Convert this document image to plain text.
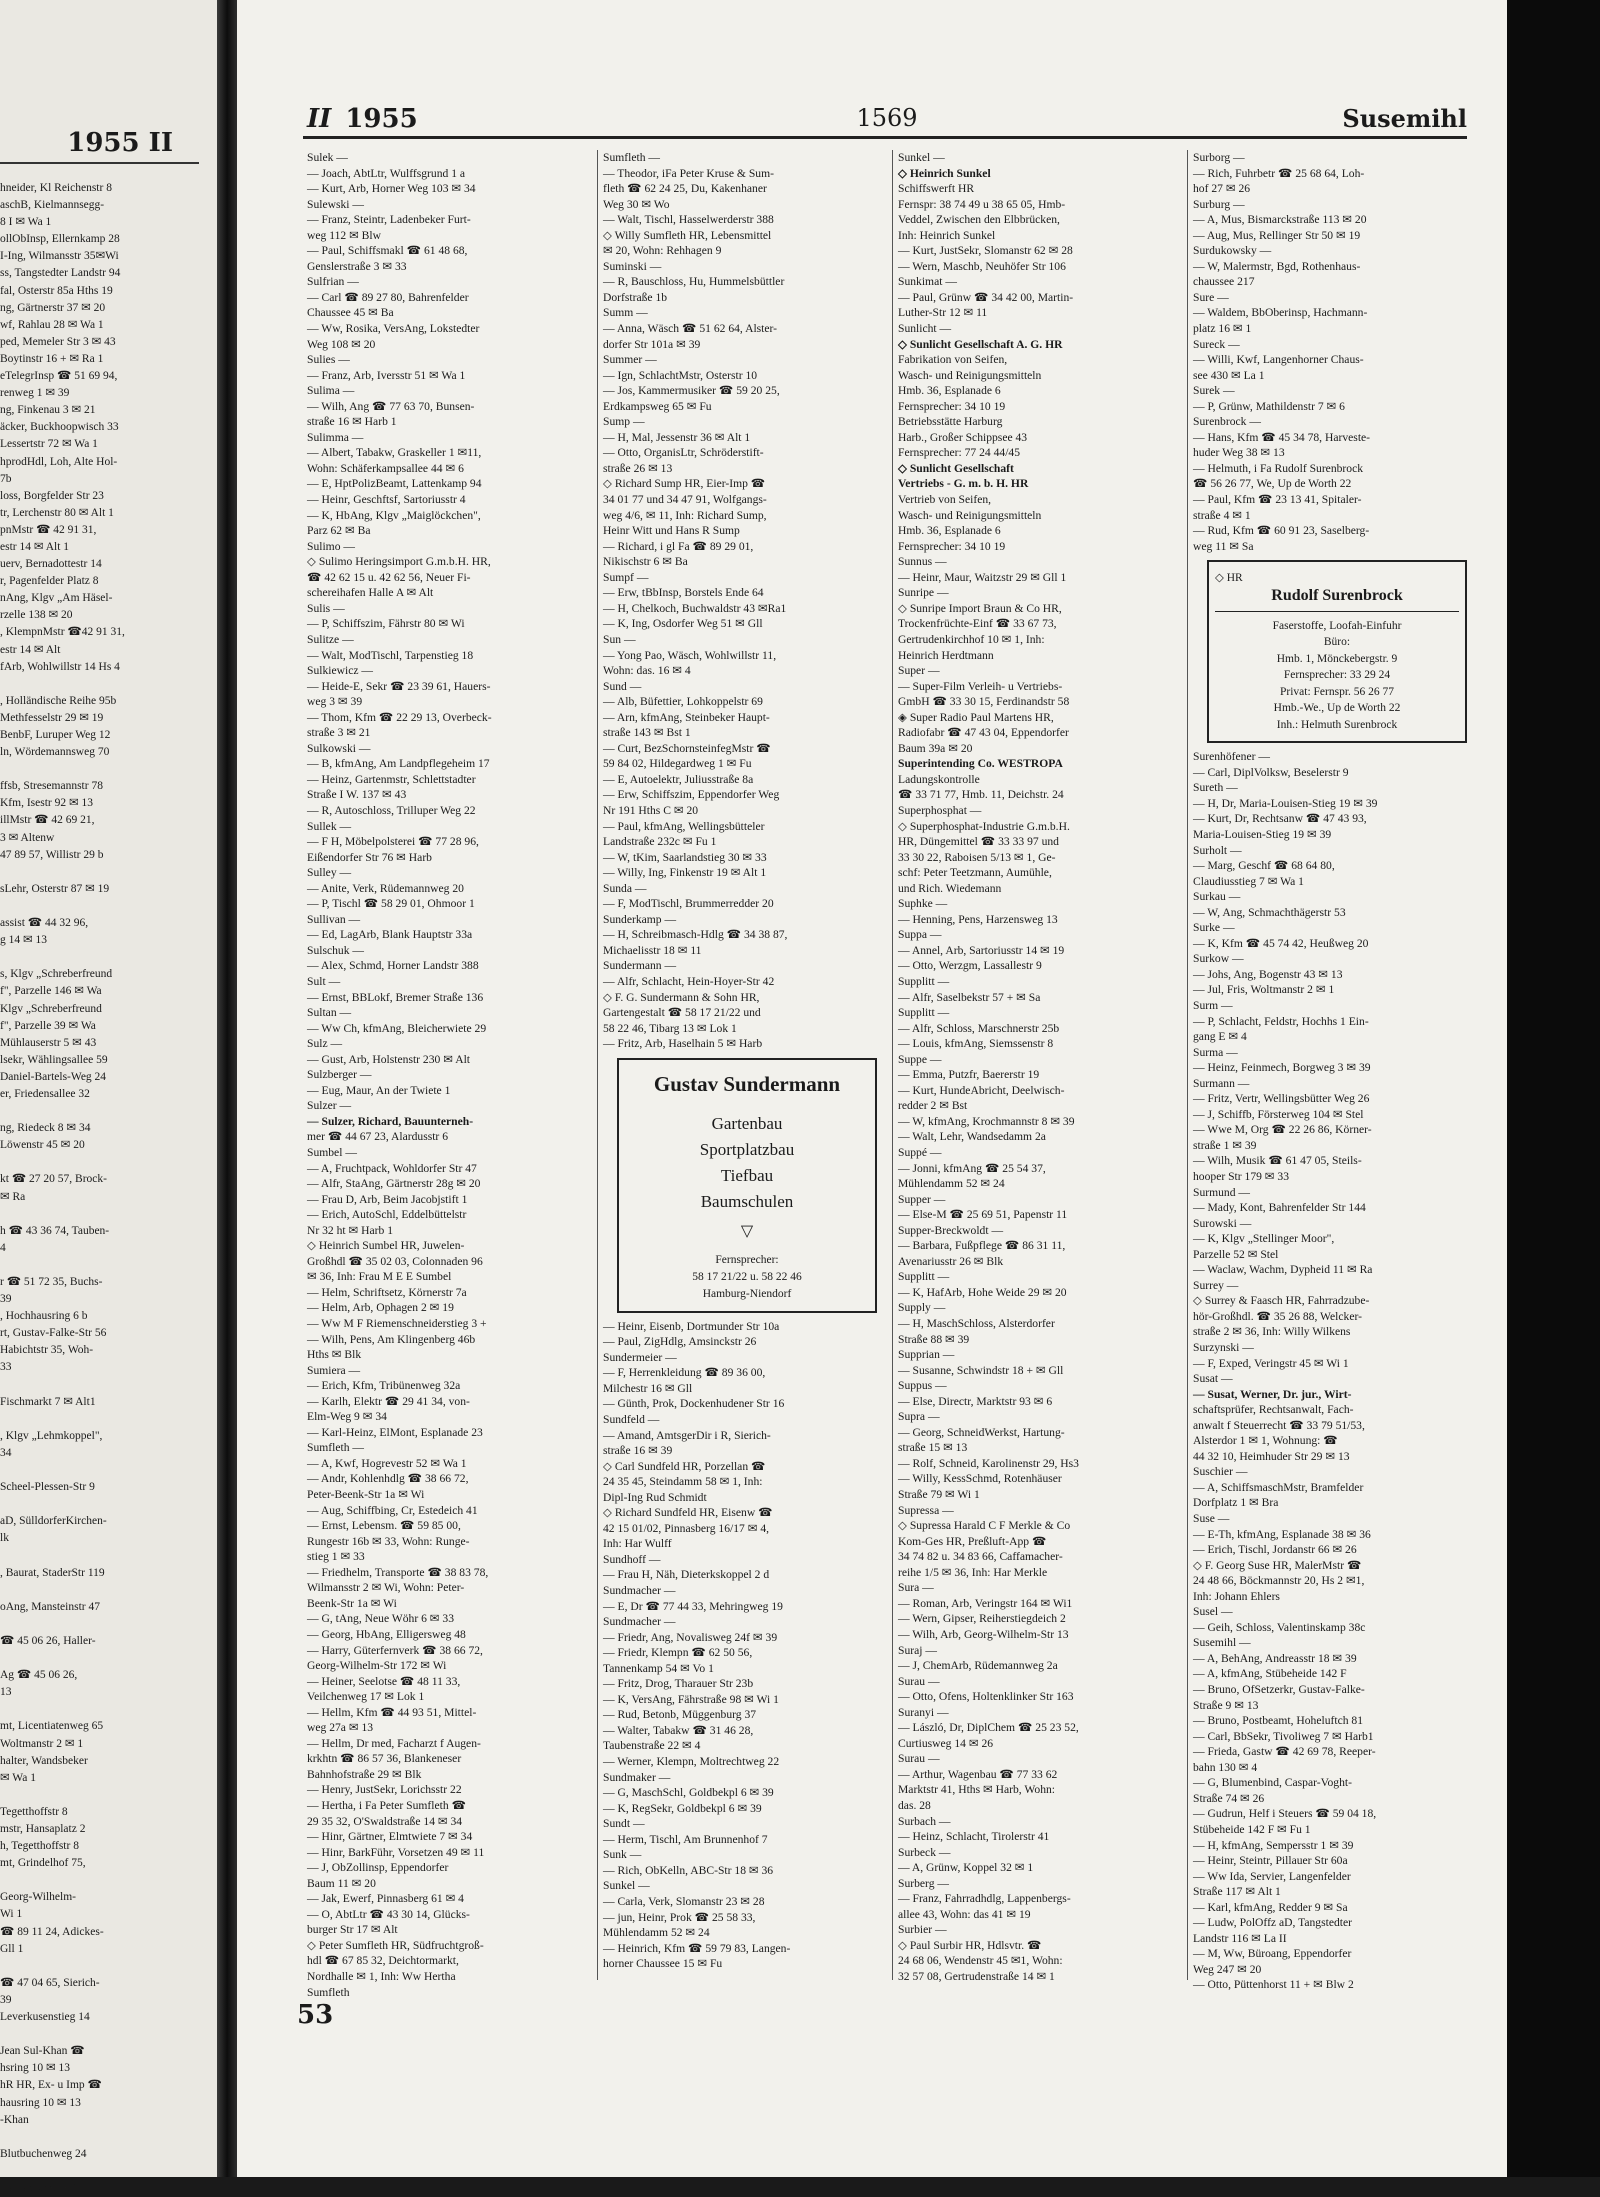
1955 II
hneider, Kl Reichenstr 8
aschB, Kielmannsegg-
8 I ✉ Wa 1
ollObInsp, Ellernkamp 28
I-Ing, Wilmansstr 35✉Wi
ss, Tangstedter Landstr 94
fal, Osterstr 85a Hths 19
ng, Gärtnerstr 37 ✉ 20
wf, Rahlau 28 ✉ Wa 1
ped, Memeler Str 3 ✉ 43
Boytinstr 16 + ✉ Ra 1
eTelegrInsp ☎ 51 69 94,
renweg 1 ✉ 39
ng, Finkenau 3 ✉ 21
äcker, Buckhoopwisch 33
Lessertstr 72 ✉ Wa 1
hprodHdl, Loh, Alte Hol-
7b
loss, Borgfelder Str 23
tr, Lerchenstr 80 ✉ Alt 1
pnMstr ☎ 42 91 31,
estr 14 ✉ Alt 1
uerv, Bernadottestr 14
r, Pagenfelder Platz 8
nAng, Klgv „Am Häsel-
rzelle 138 ✉ 20
, KlempnMstr ☎42 91 31,
estr 14 ✉ Alt
fArb, Wohlwillstr 14 Hs 4
, Holländische Reihe 95b
Methfesselstr 29 ✉ 19
BenbF, Luruper Weg 12
ln, Wördemannsweg 70
ffsb, Stresemannstr 78
Kfm, Isestr 92 ✉ 13
illMstr ☎ 42 69 21,
3 ✉ Altenw
47 89 57, Willistr 29 b
sLehr, Osterstr 87 ✉ 19
assist ☎ 44 32 96,
g 14 ✉ 13
s, Klgv „Schreberfreund
f", Parzelle 146 ✉ Wa
Klgv „Schreberfreund
f", Parzelle 39 ✉ Wa
Mühlauserstr 5 ✉ 43
lsekr, Wählingsallee 59
Daniel-Bartels-Weg 24
er, Friedensallee 32
ng, Riedeck 8 ✉ 34
Löwenstr 45 ✉ 20
kt ☎ 27 20 57, Brock-
✉ Ra
h ☎ 43 36 74, Tauben-
4
r ☎ 51 72 35, Buchs-
39
, Hochhausring 6 b
rt, Gustav-Falke-Str 56
Habichtstr 35, Woh-
33
Fischmarkt 7 ✉ Alt1
, Klgv „Lehmkoppel",
34
Scheel-Plessen-Str 9
aD, SülldorferKirchen-
lk
, Baurat, StaderStr 119
oAng, Mansteinstr 47
☎ 45 06 26, Haller-
Ag ☎ 45 06 26,
13
mt, Licentiatenweg 65
Woltmanstr 2 ✉ 1
halter, Wandsbeker
✉ Wa 1
Tegetthoffstr 8
mstr, Hansaplatz 2
h, Tegetthoffstr 8
mt, Grindelhof 75,
Georg-Wilhelm-
Wi 1
☎ 89 11 24, Adickes-
Gll 1
☎ 47 04 65, Sierich-
39
Leverkusenstieg 14
Jean Sul-Khan ☎
hsring 10 ✉ 13
hR HR, Ex- u Imp ☎
hausring 10 ✉ 13
-Khan
Blutbuchenweg 24
ffamacherreihe 88
II 1955	1569	Susemihl
Sulek —
— Joach, AbtLtr, Wulffsgrund 1 a
— Kurt, Arb, Horner Weg 103 ✉ 34
Sulewski —
— Franz, Steintr, Ladenbeker Furt-
weg 112 ✉ Blw
— Paul, Schiffsmakl ☎ 61 48 68,
Genslerstraße 3 ✉ 33
Sulfrian —
— Carl ☎ 89 27 80, Bahrenfelder
Chaussee 45 ✉ Ba
— Ww, Rosika, VersAng, Lokstedter
Weg 108 ✉ 20
Sulies —
— Franz, Arb, Iversstr 51 ✉ Wa 1
Sulima —
— Wilh, Ang ☎ 77 63 70, Bunsen-
straße 16 ✉ Harb 1
Sulimma —
— Albert, Tabakw, Graskeller 1 ✉11,
Wohn: Schäferkampsallee 44 ✉ 6
— E, HptPolizBeamt, Lattenkamp 94
— Heinr, Geschftsf, Sartoriusstr 4
— K, HbAng, Klgv „Maiglöckchen",
Parz 62 ✉ Ba
Sulimo —
◇ Sulimo Heringsimport G.m.b.H. HR,
☎ 42 62 15 u. 42 62 56, Neuer Fi-
schereihafen Halle A ✉ Alt
Sulis —
— P, Schiffszim, Fährstr 80 ✉ Wi
Sulitze —
— Walt, ModTischl, Tarpenstieg 18
Sulkiewicz —
— Heide-E, Sekr ☎ 23 39 61, Hauers-
weg 3 ✉ 39
— Thom, Kfm ☎ 22 29 13, Overbeck-
straße 3 ✉ 21
Sulkowski —
— B, kfmAng, Am Landpflegeheim 17
— Heinz, Gartenmstr, Schlettstadter
Straße I W. 137 ✉ 43
— R, Autoschloss, Trilluper Weg 22
Sullek —
— F H, Möbelpolsterei ☎ 77 28 96,
Eißendorfer Str 76 ✉ Harb
Sulley —
— Anite, Verk, Rüdemannweg 20
— P, Tischl ☎ 58 29 01, Ohmoor 1
Sullivan —
— Ed, LagArb, Blank Hauptstr 33a
Sulschuk —
— Alex, Schmd, Horner Landstr 388
Sult —
— Ernst, BBLokf, Bremer Straße 136
Sultan —
— Ww Ch, kfmAng, Bleicherwiete 29
Sulz —
— Gust, Arb, Holstenstr 230 ✉ Alt
Sulzberger —
— Eug, Maur, An der Twiete 1
Sulzer —
— Sulzer, Richard, Bauunterneh-
mer ☎ 44 67 23, Alardusstr 6
Sumbel —
— A, Fruchtpack, Wohldorfer Str 47
— Alfr, StaAng, Gärtnerstr 28g ✉ 20
— Frau D, Arb, Beim Jacobjstift 1
— Erich, AutoSchl, Eddelbüttelstr
Nr 32 ht ✉ Harb 1
◇ Heinrich Sumbel HR, Juwelen-
Großhdl ☎ 35 02 03, Colonnaden 96
✉ 36, Inh: Frau M E E Sumbel
— Helm, Schriftsetz, Körnerstr 7a
— Helm, Arb, Ophagen 2 ✉ 19
— Ww M F Riemenschneiderstieg 3 +
— Wilh, Pens, Am Klingenberg 46b
Hths ✉ Blk
Sumiera —
— Erich, Kfm, Tribünenweg 32a
— Karlh, Elektr ☎ 29 41 34, von-
Elm-Weg 9 ✉ 34
— Karl-Heinz, ElMont, Esplanade 23
Sumfleth —
— A, Kwf, Hogrevestr 52 ✉ Wa 1
— Andr, Kohlenhdlg ☎ 38 66 72,
Peter-Beenk-Str 1a ✉ Wi
— Aug, Schiffbing, Cr, Estedeich 41
— Ernst, Lebensm. ☎ 59 85 00,
Rungestr 16b ✉ 33, Wohn: Runge-
stieg 1 ✉ 33
— Friedhelm, Transporte ☎ 38 83 78,
Wilmansstr 2 ✉ Wi, Wohn: Peter-
Beenk-Str 1a ✉ Wi
— G, tAng, Neue Wöhr 6 ✉ 33
— Georg, HbAng, Elligersweg 48
— Harry, Güterfernverk ☎ 38 66 72,
Georg-Wilhelm-Str 172 ✉ Wi
— Heiner, Seelotse ☎ 48 11 33,
Veilchenweg 17 ✉ Lok 1
— Hellm, Kfm ☎ 44 93 51, Mittel-
weg 27a ✉ 13
— Hellm, Dr med, Facharzt f Augen-
krkhtn ☎ 86 57 36, Blankeneser
Bahnhofstraße 29 ✉ Blk
— Henry, JustSekr, Lorichsstr 22
— Hertha, i Fa Peter Sumfleth ☎
29 35 32, O'Swaldstraße 14 ✉ 34
— Hinr, Gärtner, Elmtwiete 7 ✉ 34
— Hinr, BarkFühr, Vorsetzen 49 ✉ 11
— J, ObZollinsp, Eppendorfer
Baum 11 ✉ 20
— Jak, Ewerf, Pinnasberg 61 ✉ 4
— O, AbtLtr ☎ 43 30 14, Glücks-
burger Str 17 ✉ Alt
◇ Peter Sumfleth HR, Südfruchtgroß-
hdl ☎ 67 85 32, Deichtormarkt,
Nordhalle ✉ 1, Inh: Ww Hertha
Sumfleth
Sumfleth —
— Theodor, iFa Peter Kruse & Sum-
fleth ☎ 62 24 25, Du, Kakenhaner
Weg 30 ✉ Wo
— Walt, Tischl, Hasselwerderstr 388
◇ Willy Sumfleth HR, Lebensmittel
✉ 20, Wohn: Rehhagen 9
Suminski —
— R, Bauschloss, Hu, Hummelsbüttler
Dorfstraße 1b
Summ —
— Anna, Wäsch ☎ 51 62 64, Alster-
dorfer Str 101a ✉ 39
Summer —
— Ign, SchlachtMstr, Osterstr 10
— Jos, Kammermusiker ☎ 59 20 25,
Erdkampsweg 65 ✉ Fu
Sump —
— H, Mal, Jessenstr 36 ✉ Alt 1
— Otto, OrganisLtr, Schröderstift-
straße 26 ✉ 13
◇ Richard Sump HR, Eier-Imp ☎
34 01 77 und 34 47 91, Wolfgangs-
weg 4/6, ✉ 11, Inh: Richard Sump,
Heinr Witt und Hans R Sump
— Richard, i gl Fa ☎ 89 29 01,
Nikischstr 6 ✉ Ba
Sumpf —
— Erw, tBbInsp, Borstels Ende 64
— H, Chelkoch, Buchwaldstr 43 ✉Ra1
— K, Ing, Osdorfer Weg 51 ✉ Gll
Sun —
— Yong Pao, Wäsch, Wohlwillstr 11,
Wohn: das. 16 ✉ 4
Sund —
— Alb, Büfettier, Lohkoppelstr 69
— Arn, kfmAng, Steinbeker Haupt-
straße 143 ✉ Bst 1
— Curt, BezSchornsteinfegMstr ☎
59 84 02, Hildegardweg 1 ✉ Fu
— E, Autoelektr, Juliusstraße 8a
— Erw, Schiffszim, Eppendorfer Weg
Nr 191 Hths C ✉ 20
— Paul, kfmAng, Wellingsbütteler
Landstraße 232c ✉ Fu 1
— W, tKim, Saarlandstieg 30 ✉ 33
— Willy, Ing, Finkenstr 19 ✉ Alt 1
Sunda —
— F, ModTischl, Brummerredder 20
Sunderkamp —
— H, Schreibmasch-Hdlg ☎ 34 38 87,
Michaelisstr 18 ✉ 11
Sundermann —
— Alfr, Schlacht, Hein-Hoyer-Str 42
◇ F. G. Sundermann & Sohn HR,
Gartengestalt ☎ 58 17 21/22 und
58 22 46, Tibarg 13 ✉ Lok 1
— Fritz, Arb, Haselhain 5 ✉ Harb
Gustav Sundermann
Gartenbau
Sportplatzbau
Tiefbau
Baumschulen
▽
Fernsprecher:
58 17 21/22 u. 58 22 46
Hamburg-Niendorf
— Heinr, Eisenb, Dortmunder Str 10a
— Paul, ZigHdlg, Amsinckstr 26
Sundermeier —
— F, Herrenkleidung ☎ 89 36 00,
Milchestr 16 ✉ Gll
— Günth, Prok, Dockenhudener Str 16
Sundfeld —
— Amand, AmtsgerDir i R, Sierich-
straße 16 ✉ 39
◇ Carl Sundfeld HR, Porzellan ☎
24 35 45, Steindamm 58 ✉ 1, Inh:
Dipl-Ing Rud Schmidt
◇ Richard Sundfeld HR, Eisenw ☎
42 15 01/02, Pinnasberg 16/17 ✉ 4,
Inh: Har Wulff
Sundhoff —
— Frau H, Näh, Dieterkskoppel 2 d
Sundmacher —
— E, Dr ☎ 77 44 33, Mehringweg 19
Sundmacher —
— Friedr, Ang, Novalisweg 24f ✉ 39
— Friedr, Klempn ☎ 62 50 56,
Tannenkamp 54 ✉ Vo 1
— Fritz, Drog, Tharauer Str 23b
— K, VersAng, Fährstraße 98 ✉ Wi 1
— Rud, Betonb, Müggenburg 37
— Walter, Tabakw ☎ 31 46 28,
Taubenstraße 22 ✉ 4
— Werner, Klempn, Moltrechtweg 22
Sundmaker —
— G, MaschSchl, Goldbekpl 6 ✉ 39
— K, RegSekr, Goldbekpl 6 ✉ 39
Sundt —
— Herm, Tischl, Am Brunnenhof 7
Sunk —
— Rich, ObKelln, ABC-Str 18 ✉ 36
Sunkel —
— Carla, Verk, Slomanstr 23 ✉ 28
— jun, Heinr, Prok ☎ 25 58 33,
Mühlendamm 52 ✉ 24
— Heinrich, Kfm ☎ 59 79 83, Langen-
horner Chaussee 15 ✉ Fu
Sunkel —
◇ Heinrich Sunkel
Schiffswerft HR
Fernspr: 38 74 49 u 38 65 05, Hmb-
Veddel, Zwischen den Elbbrücken,
Inh: Heinrich Sunkel
— Kurt, JustSekr, Slomanstr 62 ✉ 28
— Wern, Maschb, Neuhöfer Str 106
Sunkimat —
— Paul, Grünw ☎ 34 42 00, Martin-
Luther-Str 12 ✉ 11
Sunlicht —
◇ Sunlicht Gesellschaft A. G. HR
Fabrikation von Seifen,
Wasch- und Reinigungsmitteln
Hmb. 36, Esplanade 6
Fernsprecher: 34 10 19
Betriebsstätte Harburg
Harb., Großer Schippsee 43
Fernsprecher: 77 24 44/45
◇ Sunlicht Gesellschaft
Vertriebs - G. m. b. H. HR
Vertrieb von Seifen,
Wasch- und Reinigungsmitteln
Hmb. 36, Esplanade 6
Fernsprecher: 34 10 19
Sunnus —
— Heinr, Maur, Waitzstr 29 ✉ Gll 1
Sunripe —
◇ Sunripe Import Braun & Co HR,
Trockenfrüchte-Einf ☎ 33 67 73,
Gertrudenkirchhof 10 ✉ 1, Inh:
Heinrich Herdtmann
Super —
— Super-Film Verleih- u Vertriebs-
GmbH ☎ 33 30 15, Ferdinandstr 58
◈ Super Radio Paul Martens HR,
Radiofabr ☎ 47 43 04, Eppendorfer
Baum 39a ✉ 20
Superintending Co. WESTROPA
Ladungskontrolle
☎ 33 71 77, Hmb. 11, Deichstr. 24
Superphosphat —
◇ Superphosphat-Industrie G.m.b.H.
HR, Düngemittel ☎ 33 33 97 und
33 30 22, Raboisen 5/13 ✉ 1, Ge-
schf: Peter Teetzmann, Aumühle,
und Rich. Wiedemann
Suphke —
— Henning, Pens, Harzensweg 13
Suppa —
— Annel, Arb, Sartoriusstr 14 ✉ 19
— Otto, Werzgm, Lassallestr 9
Supplitt —
— Alfr, Saselbekstr 57 + ✉ Sa
Supplitt —
— Alfr, Schloss, Marschnerstr 25b
— Louis, kfmAng, Siemssenstr 8
Suppe —
— Emma, Putzfr, Baererstr 19
— Kurt, HundeAbricht, Deelwisch-
redder 2 ✉ Bst
— W, kfmAng, Krochmannstr 8 ✉ 39
— Walt, Lehr, Wandsedamm 2a
Suppé —
— Jonni, kfmAng ☎ 25 54 37,
Mühlendamm 52 ✉ 24
Supper —
— Else-M ☎ 25 69 51, Papenstr 11
Supper-Breckwoldt —
— Barbara, Fußpflege ☎ 86 31 11,
Avenariusstr 26 ✉ Blk
Supplitt —
— K, HafArb, Hohe Weide 29 ✉ 20
Supply —
— H, MaschSchloss, Alsterdorfer
Straße 88 ✉ 39
Supprian —
— Susanne, Schwindstr 18 + ✉ Gll
Suppus —
— Else, Directr, Marktstr 93 ✉ 6
Supra —
— Georg, SchneidWerkst, Hartung-
straße 15 ✉ 13
— Rolf, Schneid, Karolinenstr 29, Hs3
— Willy, KessSchmd, Rotenhäuser
Straße 79 ✉ Wi 1
Supressa —
◇ Supressa Harald C F Merkle & Co
Kom-Ges HR, Preßluft-App ☎
34 74 82 u. 34 83 66, Caffamacher-
reihe 1/5 ✉ 36, Inh: Har Merkle
Sura —
— Roman, Arb, Veringstr 164 ✉ Wi1
— Wern, Gipser, Reiherstiegdeich 2
— Wilh, Arb, Georg-Wilhelm-Str 13
Suraj —
— J, ChemArb, Rüdemannweg 2a
Surau —
— Otto, Ofens, Holtenklinker Str 163
Suranyi —
— László, Dr, DiplChem ☎ 25 23 52,
Curtiusweg 14 ✉ 26
Surau —
— Arthur, Wagenbau ☎ 77 33 62
Marktstr 41, Hths ✉ Harb, Wohn:
das. 28
Surbach —
— Heinz, Schlacht, Tirolerstr 41
Surbeck —
— A, Grünw, Koppel 32 ✉ 1
Surberg —
— Franz, Fahrradhdlg, Lappenbergs-
allee 43, Wohn: das 41 ✉ 19
Surbier —
◇ Paul Surbir HR, Hdlsvtr. ☎
24 68 06, Wendenstr 45 ✉1, Wohn:
32 57 08, Gertrudenstraße 14 ✉ 1
Surborg —
— Rich, Fuhrbetr ☎ 25 68 64, Loh-
hof 27 ✉ 26
Surburg —
— A, Mus, Bismarckstraße 113 ✉ 20
— Aug, Mus, Rellinger Str 50 ✉ 19
Surdukowsky —
— W, Malermstr, Bgd, Rothenhaus-
chaussee 217
Sure —
— Waldem, BbOberinsp, Hachmann-
platz 16 ✉ 1
Sureck —
— Willi, Kwf, Langenhorner Chaus-
see 430 ✉ La 1
Surek —
— P, Grünw, Mathildenstr 7 ✉ 6
Surenbrock —
— Hans, Kfm ☎ 45 34 78, Harveste-
huder Weg 38 ✉ 13
— Helmuth, i Fa Rudolf Surenbrock
☎ 56 26 77, We, Up de Worth 22
— Paul, Kfm ☎ 23 13 41, Spitaler-
straße 4 ✉ 1
— Rud, Kfm ☎ 60 91 23, Saselberg-
weg 11 ✉ Sa
◇ HR
Rudolf Surenbrock
Faserstoffe, Loofah-Einfuhr
Büro:
Hmb. 1, Mönckebergstr. 9
Fernsprecher: 33 29 24
Privat: Fernspr. 56 26 77
Hmb.-We., Up de Worth 22
Inh.: Helmuth Surenbrock
Surenhöfener —
— Carl, DiplVolksw, Beselerstr 9
Sureth —
— H, Dr, Maria-Louisen-Stieg 19 ✉ 39
— Kurt, Dr, Rechtsanw ☎ 47 43 93,
Maria-Louisen-Stieg 19 ✉ 39
Surholt —
— Marg, Geschf ☎ 68 64 80,
Claudiusstieg 7 ✉ Wa 1
Surkau —
— W, Ang, Schmachthägerstr 53
Surke —
— K, Kfm ☎ 45 74 42, Heußweg 20
Surkow —
— Johs, Ang, Bogenstr 43 ✉ 13
— Jul, Fris, Woltmanstr 2 ✉ 1
Surm —
— P, Schlacht, Feldstr, Hochhs 1 Ein-
gang E ✉ 4
Surma —
— Heinz, Feinmech, Borgweg 3 ✉ 39
Surmann —
— Fritz, Vertr, Wellingsbütter Weg 26
— J, Schiffb, Försterweg 104 ✉ Stel
— Wwe M, Org ☎ 22 26 86, Körner-
straße 1 ✉ 39
— Wilh, Musik ☎ 61 47 05, Steils-
hooper Str 179 ✉ 33
Surmund —
— Mady, Kont, Bahrenfelder Str 144
Surowski —
— K, Klgv „Stellinger Moor",
Parzelle 52 ✉ Stel
— Waclaw, Wachm, Dypheid 11 ✉ Ra
Surrey —
◇ Surrey & Faasch HR, Fahrradzube-
hör-Großhdl. ☎ 35 26 88, Welcker-
straße 2 ✉ 36, Inh: Willy Wilkens
Surzynski —
— F, Exped, Veringstr 45 ✉ Wi 1
Susat —
— Susat, Werner, Dr. jur., Wirt-
schaftsprüfer, Rechtsanwalt, Fach-
anwalt f Steuerrecht ☎ 33 79 51/53,
Alsterdor 1 ✉ 1, Wohnung: ☎
44 32 10, Heimhuder Str 29 ✉ 13
Suschier —
— A, SchiffsmaschMstr, Bramfelder
Dorfplatz 1 ✉ Bra
Suse —
— E-Th, kfmAng, Esplanade 38 ✉ 36
— Erich, Tischl, Jordanstr 66 ✉ 26
◇ F. Georg Suse HR, MalerMstr ☎
24 48 66, Böckmannstr 20, Hs 2 ✉1,
Inh: Johann Ehlers
Susel —
— Geih, Schloss, Valentinskamp 38c
Susemihl —
— A, BehAng, Andreasstr 18 ✉ 39
— A, kfmAng, Stübeheide 142 F
— Bruno, OfSetzerkr, Gustav-Falke-
Straße 9 ✉ 13
— Bruno, Postbeamt, Hoheluftch 81
— Carl, BbSekr, Tivoliweg 7 ✉ Harb1
— Frieda, Gastw ☎ 42 69 78, Reeper-
bahn 130 ✉ 4
— G, Blumenbind, Caspar-Voght-
Straße 74 ✉ 26
— Gudrun, Helf i Steuers ☎ 59 04 18,
Stübeheide 142 F ✉ Fu 1
— H, kfmAng, Sempersstr 1 ✉ 39
— Heinr, Steintr, Pillauer Str 60a
— Ww Ida, Servier, Langenfelder
Straße 117 ✉ Alt 1
— Karl, kfmAng, Redder 9 ✉ Sa
— Ludw, PolOffz aD, Tangstedter
Landstr 116 ✉ La II
— M, Ww, Büroang, Eppendorfer
Weg 247 ✉ 20
— Otto, Püttenhorst 11 + ✉ Blw 2
53
